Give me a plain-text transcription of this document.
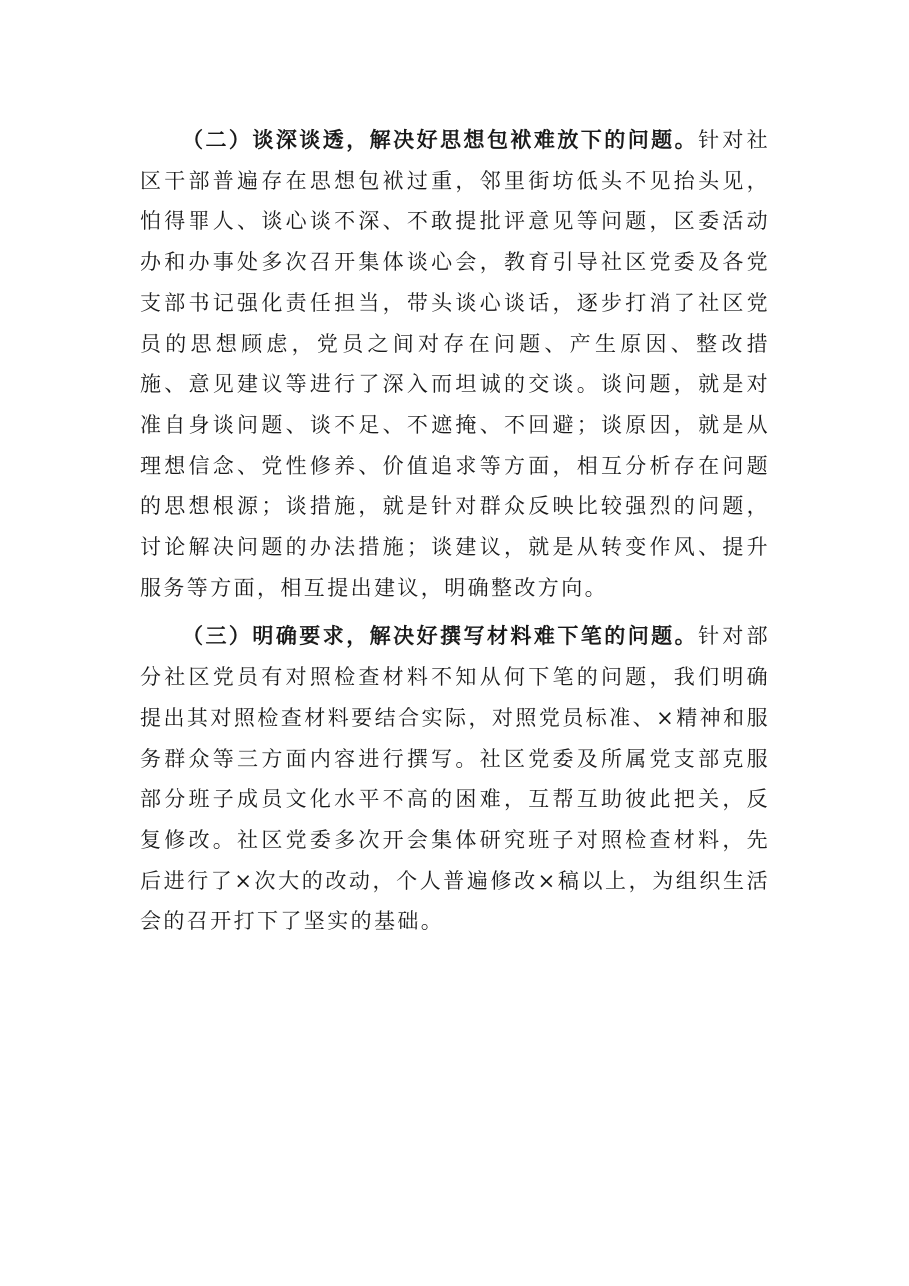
（二）谈深谈透，解决好思想包袱难放下的问题。针对社区干部普遍存在思想包袱过重，邻里街坊低头不见抬头见，怕得罪人、谈心谈不深、不敢提批评意见等问题，区委活动办和办事处多次召开集体谈心会，教育引导社区党委及各党支部书记强化责任担当，带头谈心谈话，逐步打消了社区党员的思想顾虑，党员之间对存在问题、产生原因、整改措施、意见建议等进行了深入而坦诚的交谈。谈问题，就是对准自身谈问题、谈不足、不遮掩、不回避；谈原因，就是从理想信念、党性修养、价值追求等方面，相互分析存在问题的思想根源；谈措施，就是针对群众反映比较强烈的问题，讨论解决问题的办法措施；谈建议，就是从转变作风、提升服务等方面，相互提出建议，明确整改方向。

（三）明确要求，解决好撰写材料难下笔的问题。针对部分社区党员有对照检查材料不知从何下笔的问题，我们明确提出其对照检查材料要结合实际，对照党员标准、×精神和服务群众等三方面内容进行撰写。社区党委及所属党支部克服部分班子成员文化水平不高的困难，互帮互助彼此把关，反复修改。社区党委多次开会集体研究班子对照检查材料，先后进行了×次大的改动，个人普遍修改×稿以上，为组织生活会的召开打下了坚实的基础。
